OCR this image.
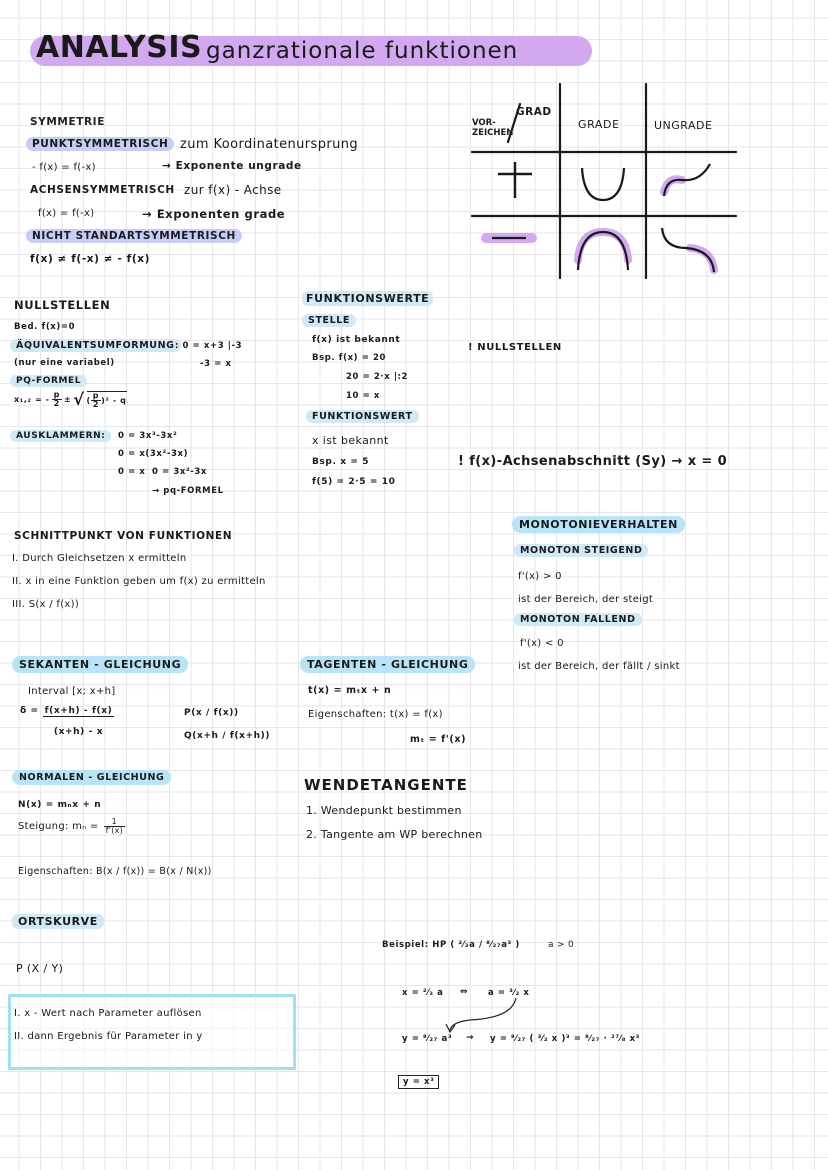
ANALYSIS ganzrationale funktionen
SYMMETRIE
PUNKTSYMMETRISCH zum Koordinatenursprung
- f(x) = f(-x)	→ Exponente ungrade
ACHSENSYMMETRISCH zur f(x) - Achse
f(x) = f(-x)	→ Exponenten grade
NICHT STANDARTSYMMETRISCH
f(x) ≠ f(-x) ≠ - f(x)
GRAD
VOR-
ZEICHEN
GRADE	UNGRADE
NULLSTELLEN
Bed. f(x)=0
ÄQUIVALENTSUMFORMUNG : 0 = x+3 |-3
-3 = x
(nur eine variabel)
PQ-FORMEL
x₁,₂ = - $\frac{p}{2}$ ± √ ( $\frac{p}{2} )^2$ - q
AUSKLAMMERN:	0 = 3x³-3x²
0 = x(3x²-3x)
0 = x 0 = 3x²-3x
→ pq-FORMEL
FUNKTIONSWERTE
STELLE
f(x) ist bekannt
Bsp. f(x) = 20
20 = 2·x |:2
10 = x
FUNKTIONSWERT
x ist bekannt
Bsp. x = 5
f(5) = 2·5 = 10
! NULLSTELLEN
! f(x)-Achsenabschnitt (Sy) → x = 0
SCHNITTPUNKT VON FUNKTIONEN
I. Durch Gleichsetzen x ermitteln
II. x in eine Funktion geben um f(x) zu ermitteln
III. S(x / f(x))
MONOTONIEVERHALTEN
MONOTON STEIGEND
f'(x) > 0
ist der Bereich, der steigt
MONOTON FALLEND
f'(x) < 0
ist der Bereich, der fällt / sinkt
SEKANTEN - GLEICHUNG
Interval [x; x+h]
$\delta = \frac{f(x+h) - f(x)}{(x+h) - x}$	P(x / f(x))
Q(x+h / f(x+h))
TAGENTEN - GLEICHUNG
t(x) = mₜx + n
Eigenschaften: t(x) = f(x)
mₜ = f'(x)
NORMALEN - GLEICHUNG
N(x) = mₙx + n
Steigung: $m_n = \frac{1}{f'(x)}$
Eigenschaften: B(x / f(x)) = B(x / N(x))
WENDETANGENTE
1. Wendepunkt bestimmen
2. Tangente am WP berechnen
ORTSKURVE
P (X / Y)
I. x - Wert nach Parameter auflösen
II. dann Ergebnis für Parameter in y
Beispiel: HP ( ²⁄₃a / ⁸⁄₂₇a³ )	a > 0
x = ²⁄₃ a ⇔ a = ³⁄₂ x
y = ⁸⁄₂₇ a³ → y = ⁸⁄₂₇ ( ³⁄₂ x )³ = ⁸⁄₂₇ · ²⁷⁄₈ x³
y = x³
